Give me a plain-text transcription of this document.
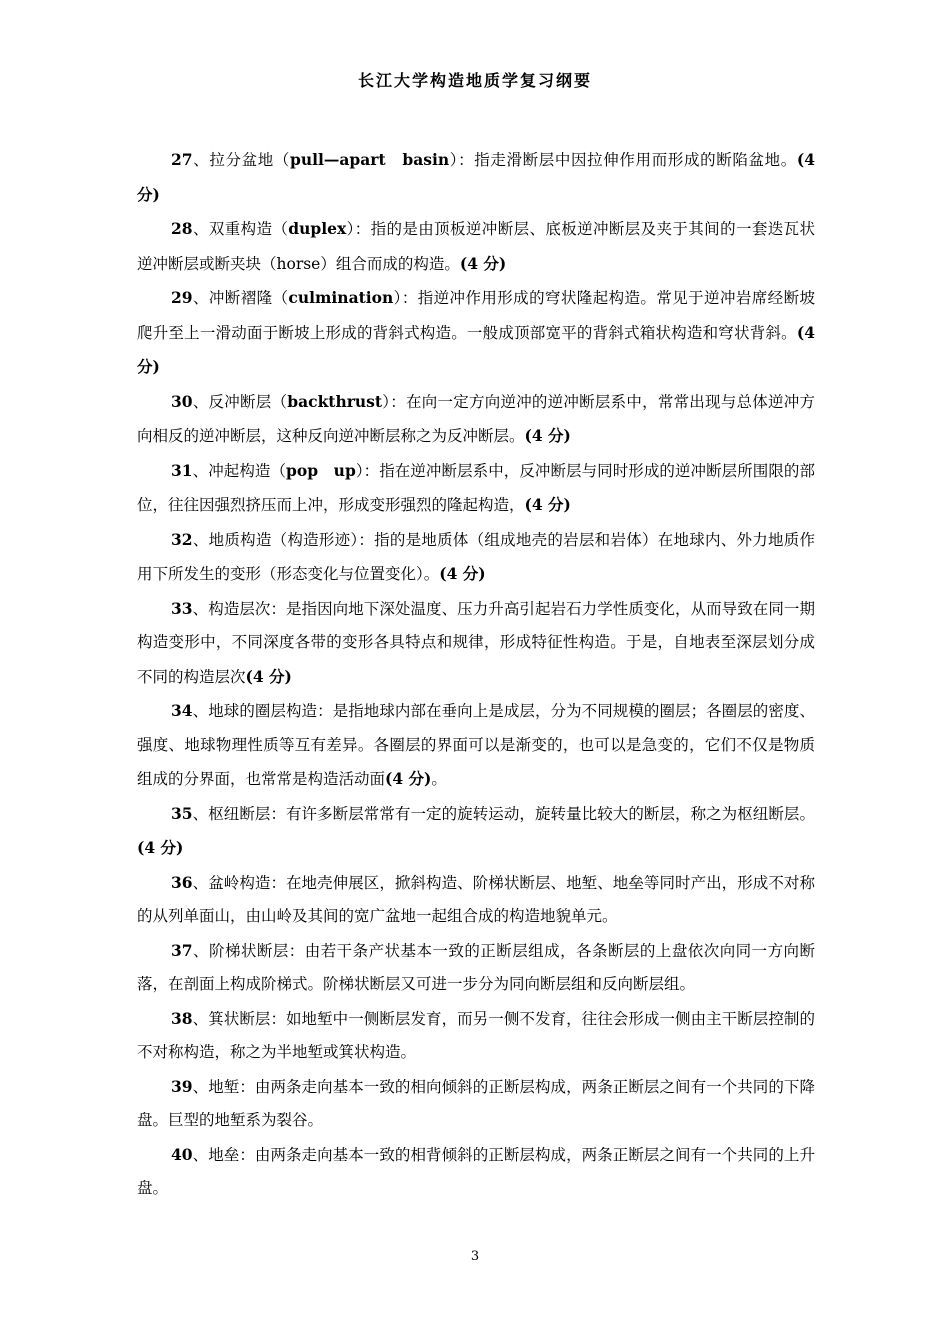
长江大学构造地质学复习纲要

27、拉分盆地（pull—apart　basin）：指走滑断层中因拉伸作用而形成的断陷盆地。(4分)

28、双重构造（duplex）：指的是由顶板逆冲断层、底板逆冲断层及夹于其间的一套迭瓦状逆冲断层或断夹块（horse）组合而成的构造。(4 分)

29、冲断褶隆（culmination）：指逆冲作用形成的穹状隆起构造。常见于逆冲岩席经断坡爬升至上一滑动面于断坡上形成的背斜式构造。一般成顶部宽平的背斜式箱状构造和穹状背斜。(4 分)

30、反冲断层（backthrust）：在向一定方向逆冲的逆冲断层系中，常常出现与总体逆冲方向相反的逆冲断层，这种反向逆冲断层称之为反冲断层。(4 分)

31、冲起构造（pop　up）：指在逆冲断层系中，反冲断层与同时形成的逆冲断层所围限的部位，往往因强烈挤压而上冲，形成变形强烈的隆起构造，(4 分)

32、地质构造（构造形迹）：指的是地质体（组成地壳的岩层和岩体）在地球内、外力地质作用下所发生的变形（形态变化与位置变化）。(4 分)

33、构造层次：是指因向地下深处温度、压力升高引起岩石力学性质变化，从而导致在同一期构造变形中，不同深度各带的变形各具特点和规律，形成特征性构造。于是，自地表至深层划分成不同的构造层次(4 分)

34、地球的圈层构造：是指地球内部在垂向上是成层，分为不同规模的圈层；各圈层的密度、强度、地球物理性质等互有差异。各圈层的界面可以是渐变的，也可以是急变的，它们不仅是物质组成的分界面，也常常是构造活动面(4 分)。

35、枢纽断层：有许多断层常常有一定的旋转运动，旋转量比较大的断层，称之为枢纽断层。(4 分)

36、盆岭构造：在地壳伸展区，掀斜构造、阶梯状断层、地堑、地垒等同时产出，形成不对称的从列单面山，由山岭及其间的宽广盆地一起组合成的构造地貌单元。

37、阶梯状断层：由若干条产状基本一致的正断层组成，各条断层的上盘依次向同一方向断落，在剖面上构成阶梯式。阶梯状断层又可进一步分为同向断层组和反向断层组。

38、箕状断层：如地堑中一侧断层发育，而另一侧不发育，往往会形成一侧由主干断层控制的不对称构造，称之为半地堑或箕状构造。

39、地堑：由两条走向基本一致的相向倾斜的正断层构成，两条正断层之间有一个共同的下降盘。巨型的地堑系为裂谷。

40、地垒：由两条走向基本一致的相背倾斜的正断层构成，两条正断层之间有一个共同的上升盘。

3
